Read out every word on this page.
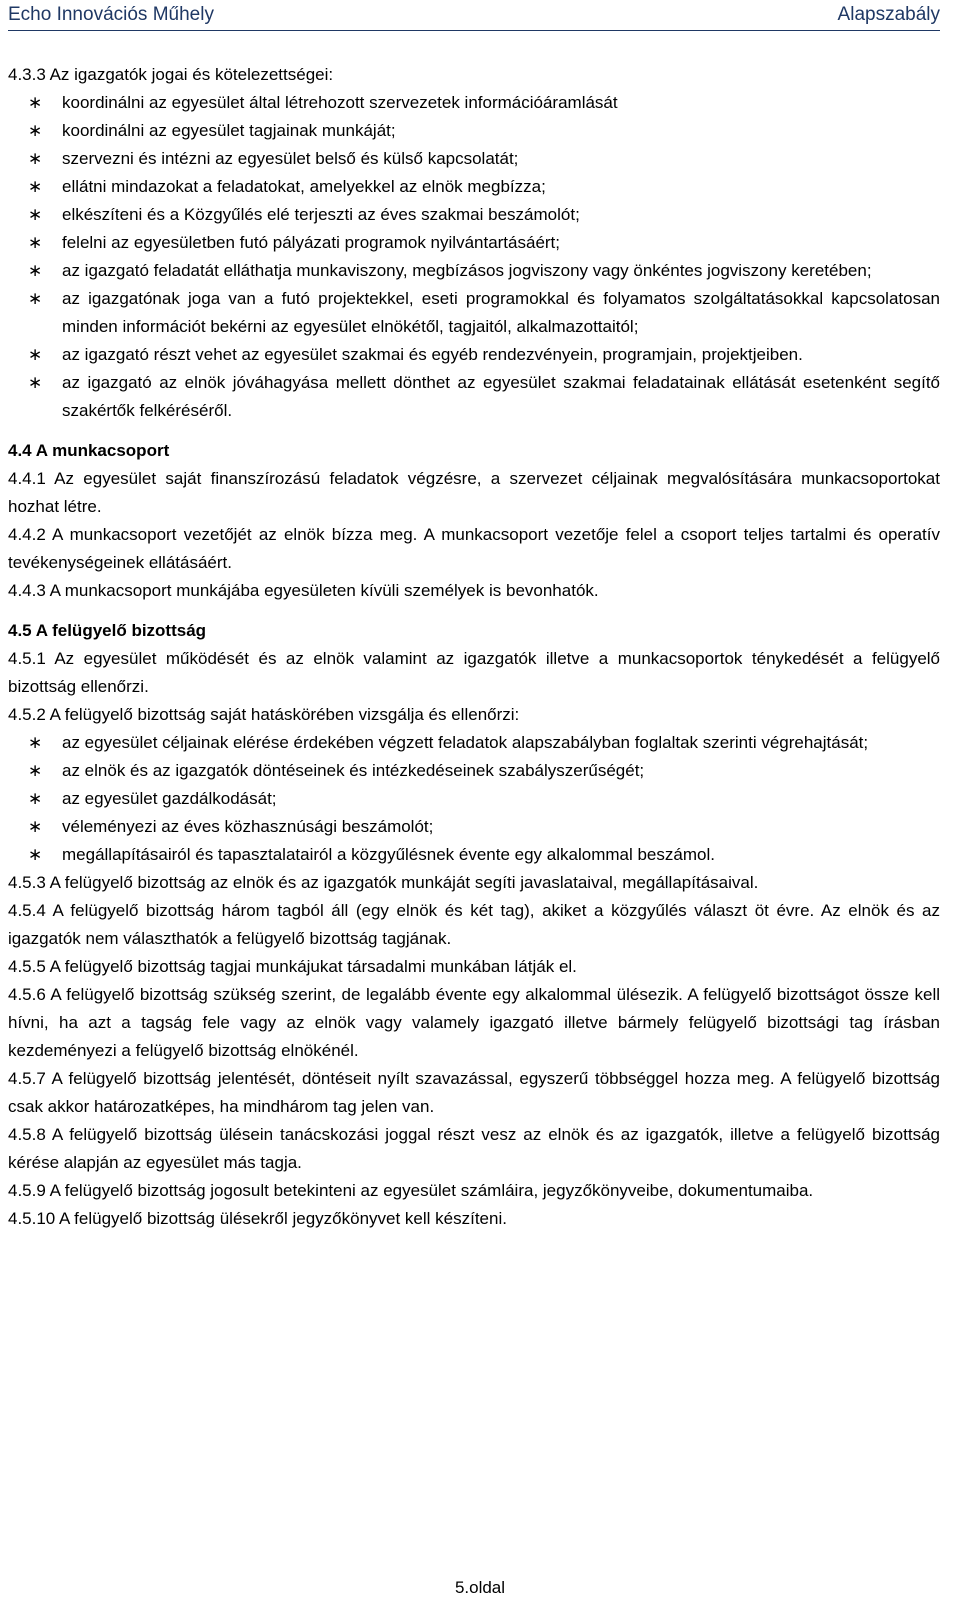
Echo Innovációs Műhely	Alapszabály

4.3.3 Az igazgatók jogai és kötelezettségei:

∗ koordinálni az egyesület által létrehozott szervezetek információáramlását
∗ koordinálni az egyesület tagjainak munkáját;
∗ szervezni és intézni az egyesület belső és külső kapcsolatát;
∗ ellátni mindazokat a feladatokat, amelyekkel az elnök megbízza;
∗ elkészíteni és a Közgyűlés elé terjeszti az éves szakmai beszámolót;
∗ felelni az egyesületben futó pályázati programok nyilvántartásáért;
∗ az igazgató feladatát elláthatja munkaviszony, megbízásos jogviszony vagy önkéntes jogviszony keretében;
∗ az igazgatónak joga van a futó projektekkel, eseti programokkal és folyamatos szolgáltatásokkal kapcsolatosan minden információt bekérni az egyesület elnökétől, tagjaitól, alkalmazottaitól;
∗ az igazgató részt vehet az egyesület szakmai és egyéb rendezvényein, programjain, projektjeiben.
∗ az igazgató az elnök jóváhagyása mellett dönthet az egyesület szakmai feladatainak ellátását esetenként segítő szakértők felkéréséről.

4.4 A munkacsoport

4.4.1 Az egyesület saját finanszírozású feladatok végzésre, a szervezet céljainak megvalósítására munkacsoportokat hozhat létre.

4.4.2 A munkacsoport vezetőjét az elnök bízza meg. A munkacsoport vezetője felel a csoport teljes tartalmi és operatív tevékenységeinek ellátásáért.

4.4.3 A munkacsoport munkájába egyesületen kívüli személyek is bevonhatók.

4.5 A felügyelő bizottság

4.5.1 Az egyesület működését és az elnök valamint az igazgatók illetve a munkacsoportok ténykedését a felügyelő bizottság ellenőrzi.

4.5.2 A felügyelő bizottság saját hatáskörében vizsgálja és ellenőrzi:

∗ az egyesület céljainak elérése érdekében végzett feladatok alapszabályban foglaltak szerinti végrehajtását;
∗ az elnök és az igazgatók döntéseinek és intézkedéseinek szabályszerűségét;
∗ az egyesület gazdálkodását;
∗ véleményezi az éves közhasznúsági beszámolót;
∗ megállapításairól és tapasztalatairól a közgyűlésnek évente egy alkalommal beszámol.

4.5.3 A felügyelő bizottság az elnök és az igazgatók munkáját segíti javaslataival, megállapításaival.

4.5.4 A felügyelő bizottság három tagból áll (egy elnök és két tag), akiket a közgyűlés választ öt évre. Az elnök és az igazgatók nem választhatók a felügyelő bizottság tagjának.

4.5.5 A felügyelő bizottság tagjai munkájukat társadalmi munkában látják el.

4.5.6 A felügyelő bizottság szükség szerint, de legalább évente egy alkalommal ülésezik. A felügyelő bizottságot össze kell hívni, ha azt a tagság fele vagy az elnök vagy valamely igazgató illetve bármely felügyelő bizottsági tag írásban kezdeményezi a felügyelő bizottság elnökénél.

4.5.7 A felügyelő bizottság jelentését, döntéseit nyílt szavazással, egyszerű többséggel hozza meg. A felügyelő bizottság csak akkor határozatképes, ha mindhárom tag jelen van.

4.5.8 A felügyelő bizottság ülésein tanácskozási joggal részt vesz az elnök és az igazgatók, illetve a felügyelő bizottság kérése alapján az egyesület más tagja.

4.5.9 A felügyelő bizottság jogosult betekinteni az egyesület számláira, jegyzőkönyveibe, dokumentumaiba.

4.5.10 A felügyelő bizottság ülésekről jegyzőkönyvet kell készíteni.

5.oldal
